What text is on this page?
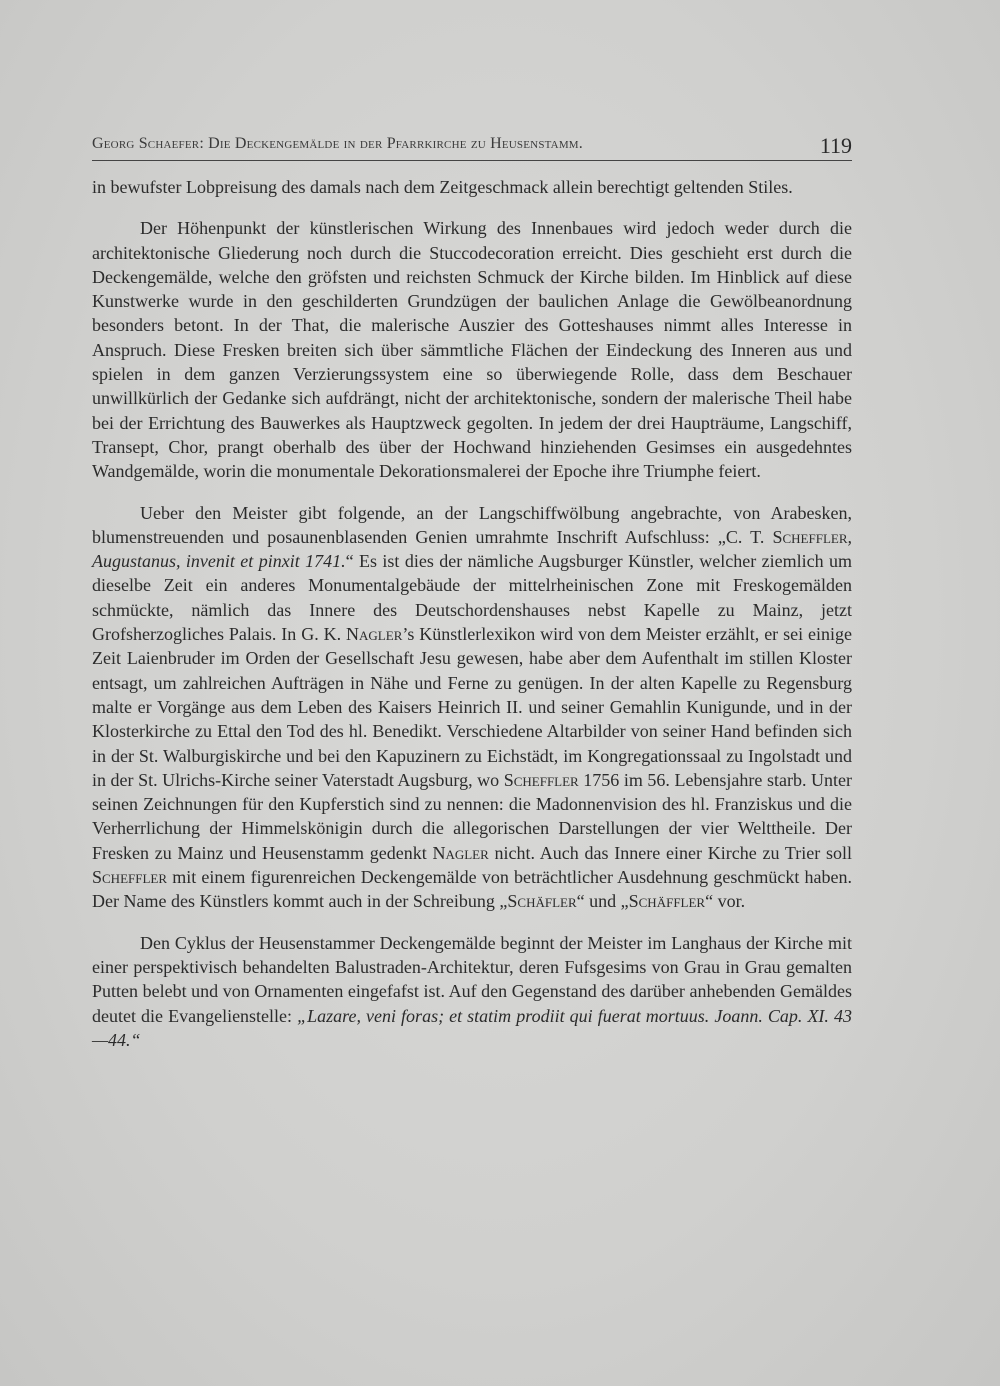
Georg Schaefer: Die Deckengemälde in der Pfarrkirche zu Heusenstamm.	119

in bewufster Lobpreisung des damals nach dem Zeitgeschmack allein berechtigt geltenden Stiles.

Der Höhenpunkt der künstlerischen Wirkung des Innenbaues wird jedoch weder durch die architektonische Gliederung noch durch die Stuccodecoration erreicht. Dies geschieht erst durch die Deckengemälde, welche den gröfsten und reichsten Schmuck der Kirche bilden. Im Hinblick auf diese Kunstwerke wurde in den geschilderten Grundzügen der baulichen Anlage die Gewölbeanordnung besonders betont. In der That, die malerische Auszier des Gotteshauses nimmt alles Interesse in Anspruch. Diese Fresken breiten sich über sämmtliche Flächen der Eindeckung des Inneren aus und spielen in dem ganzen Verzierungssystem eine so überwiegende Rolle, dass dem Beschauer unwillkürlich der Gedanke sich aufdrängt, nicht der architektonische, sondern der malerische Theil habe bei der Errichtung des Bauwerkes als Hauptzweck gegolten. In jedem der drei Haupträume, Langschiff, Transept, Chor, prangt oberhalb des über der Hochwand hinziehenden Gesimses ein ausgedehntes Wandgemälde, worin die monumentale Dekorationsmalerei der Epoche ihre Triumphe feiert.

Ueber den Meister gibt folgende, an der Langschiffwölbung angebrachte, von Arabesken, blumenstreuenden und posaunenblasenden Genien umrahmte Inschrift Aufschluss: „C. T. Scheffler, Augustanus, invenit et pinxit 1741.“ Es ist dies der nämliche Augsburger Künstler, welcher ziemlich um dieselbe Zeit ein anderes Monumentalgebäude der mittelrheinischen Zone mit Freskogemälden schmückte, nämlich das Innere des Deutschordenshauses nebst Kapelle zu Mainz, jetzt Grofsherzogliches Palais. In G. K. Nagler’s Künstlerlexikon wird von dem Meister erzählt, er sei einige Zeit Laienbruder im Orden der Gesellschaft Jesu gewesen, habe aber dem Aufenthalt im stillen Kloster entsagt, um zahlreichen Aufträgen in Nähe und Ferne zu genügen. In der alten Kapelle zu Regensburg malte er Vorgänge aus dem Leben des Kaisers Heinrich II. und seiner Gemahlin Kunigunde, und in der Klosterkirche zu Ettal den Tod des hl. Benedikt. Verschiedene Altarbilder von seiner Hand befinden sich in der St. Walburgiskirche und bei den Kapuzinern zu Eichstädt, im Kongregationssaal zu Ingolstadt und in der St. Ulrichs-Kirche seiner Vaterstadt Augsburg, wo Scheffler 1756 im 56. Lebensjahre starb. Unter seinen Zeichnungen für den Kupferstich sind zu nennen: die Madonnenvision des hl. Franziskus und die Verherrlichung der Himmelskönigin durch die allegorischen Darstellungen der vier Welttheile. Der Fresken zu Mainz und Heusenstamm gedenkt Nagler nicht. Auch das Innere einer Kirche zu Trier soll Scheffler mit einem figurenreichen Deckengemälde von beträchtlicher Ausdehnung geschmückt haben. Der Name des Künstlers kommt auch in der Schreibung „Schäfler“ und „Schäffler“ vor.

Den Cyklus der Heusenstammer Deckengemälde beginnt der Meister im Langhaus der Kirche mit einer perspektivisch behandelten Balustraden-Architektur, deren Fufsgesims von Grau in Grau gemalten Putten belebt und von Ornamenten eingefafst ist. Auf den Gegenstand des darüber anhebenden Gemäldes deutet die Evangelienstelle: „Lazare, veni foras; et statim prodiit qui fuerat mortuus. Joann. Cap. XI. 43—44.“
